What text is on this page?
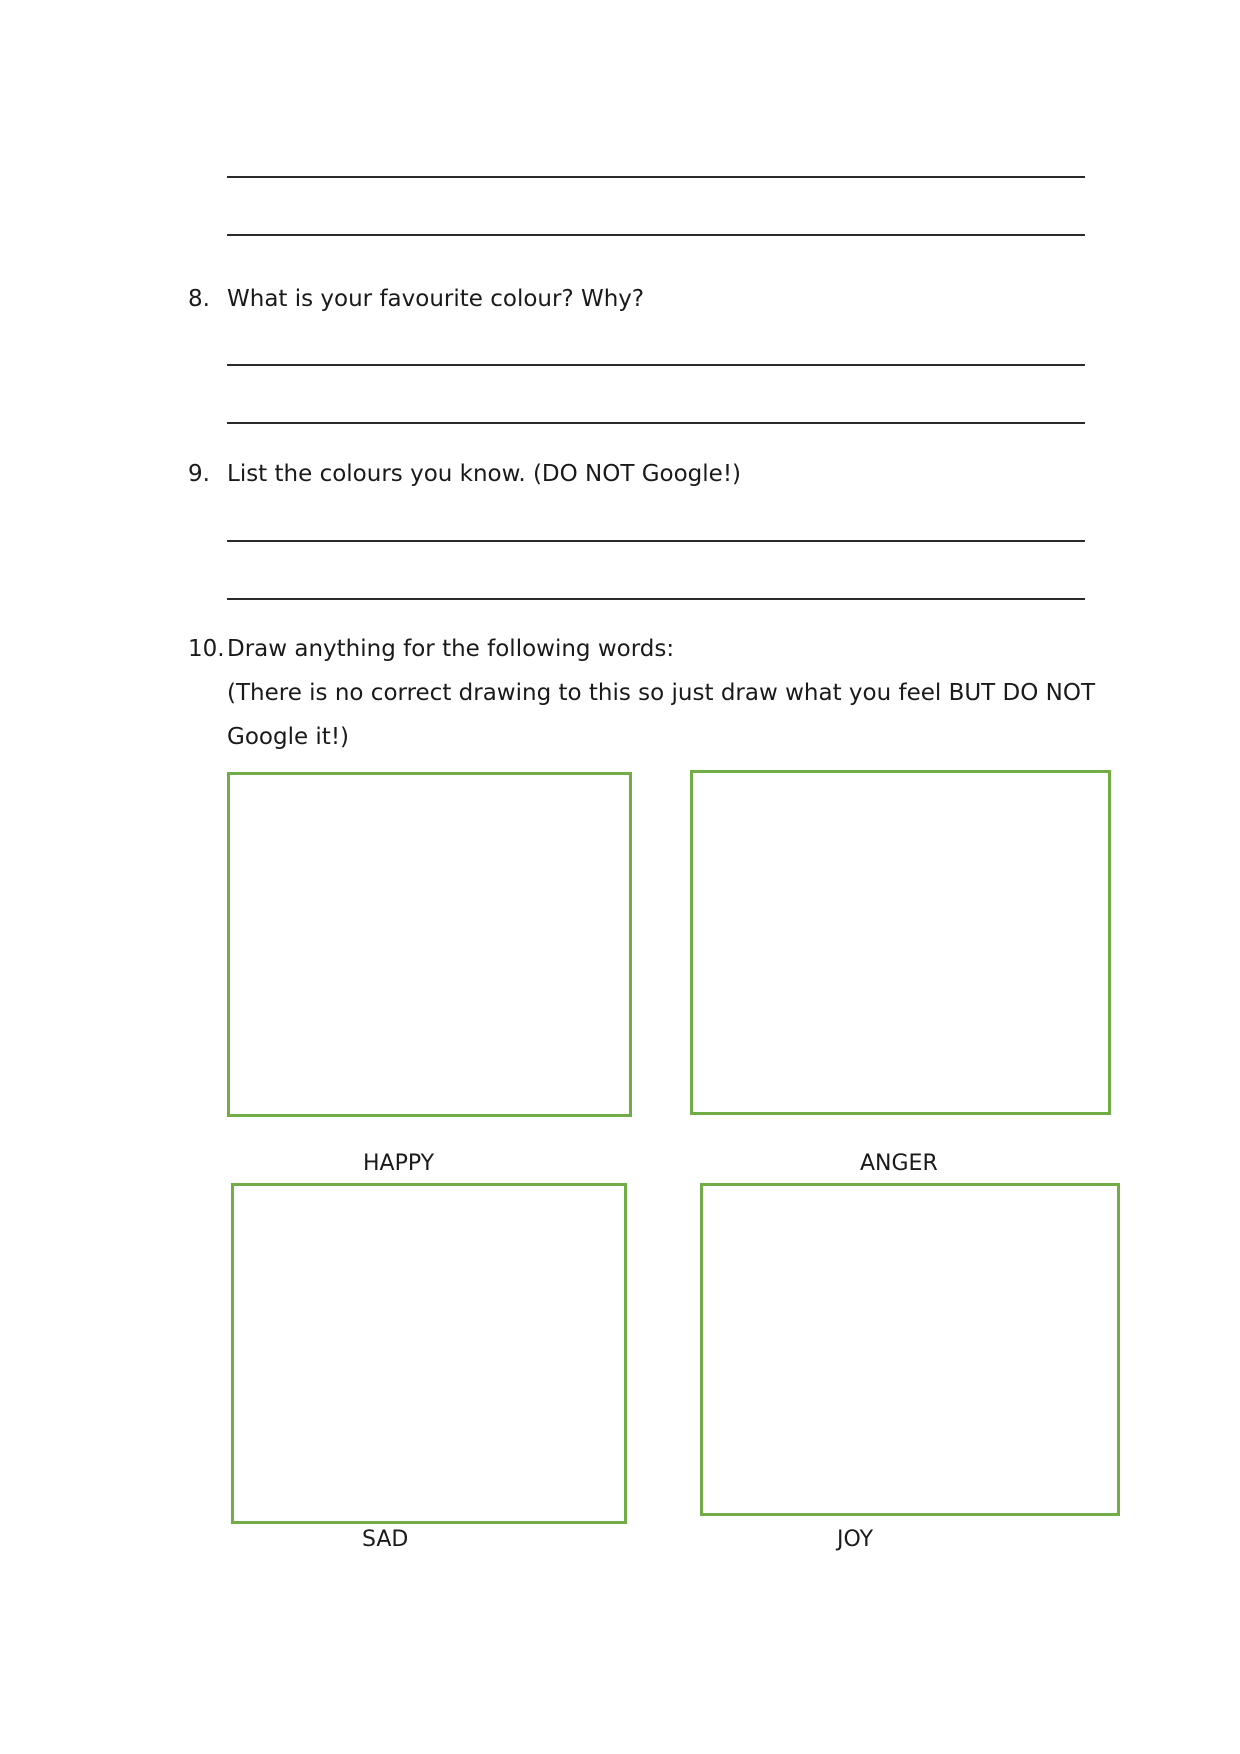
8. What is your favourite colour? Why?
9. List the colours you know. (DO NOT Google!)
10. Draw anything for the following words:
(There is no correct drawing to this so just draw what you feel BUT DO NOT
Google it!)
HAPPY	ANGER
SAD	JOY
